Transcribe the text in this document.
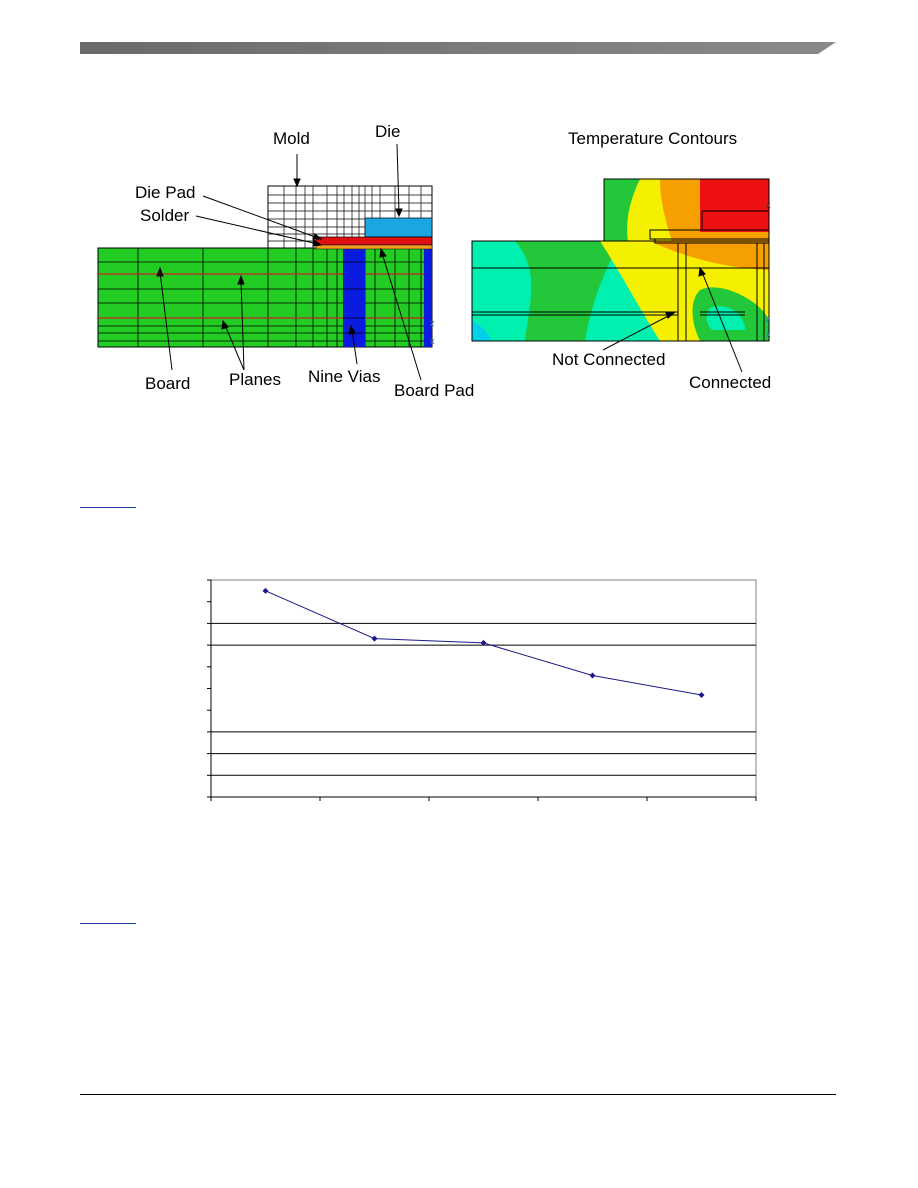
z
x
x
z
x
Mold	Die
Die Pad
Solder
Board Planes Nine Vias
Board Pad
Temperature Contours
Not Connected
Connected
